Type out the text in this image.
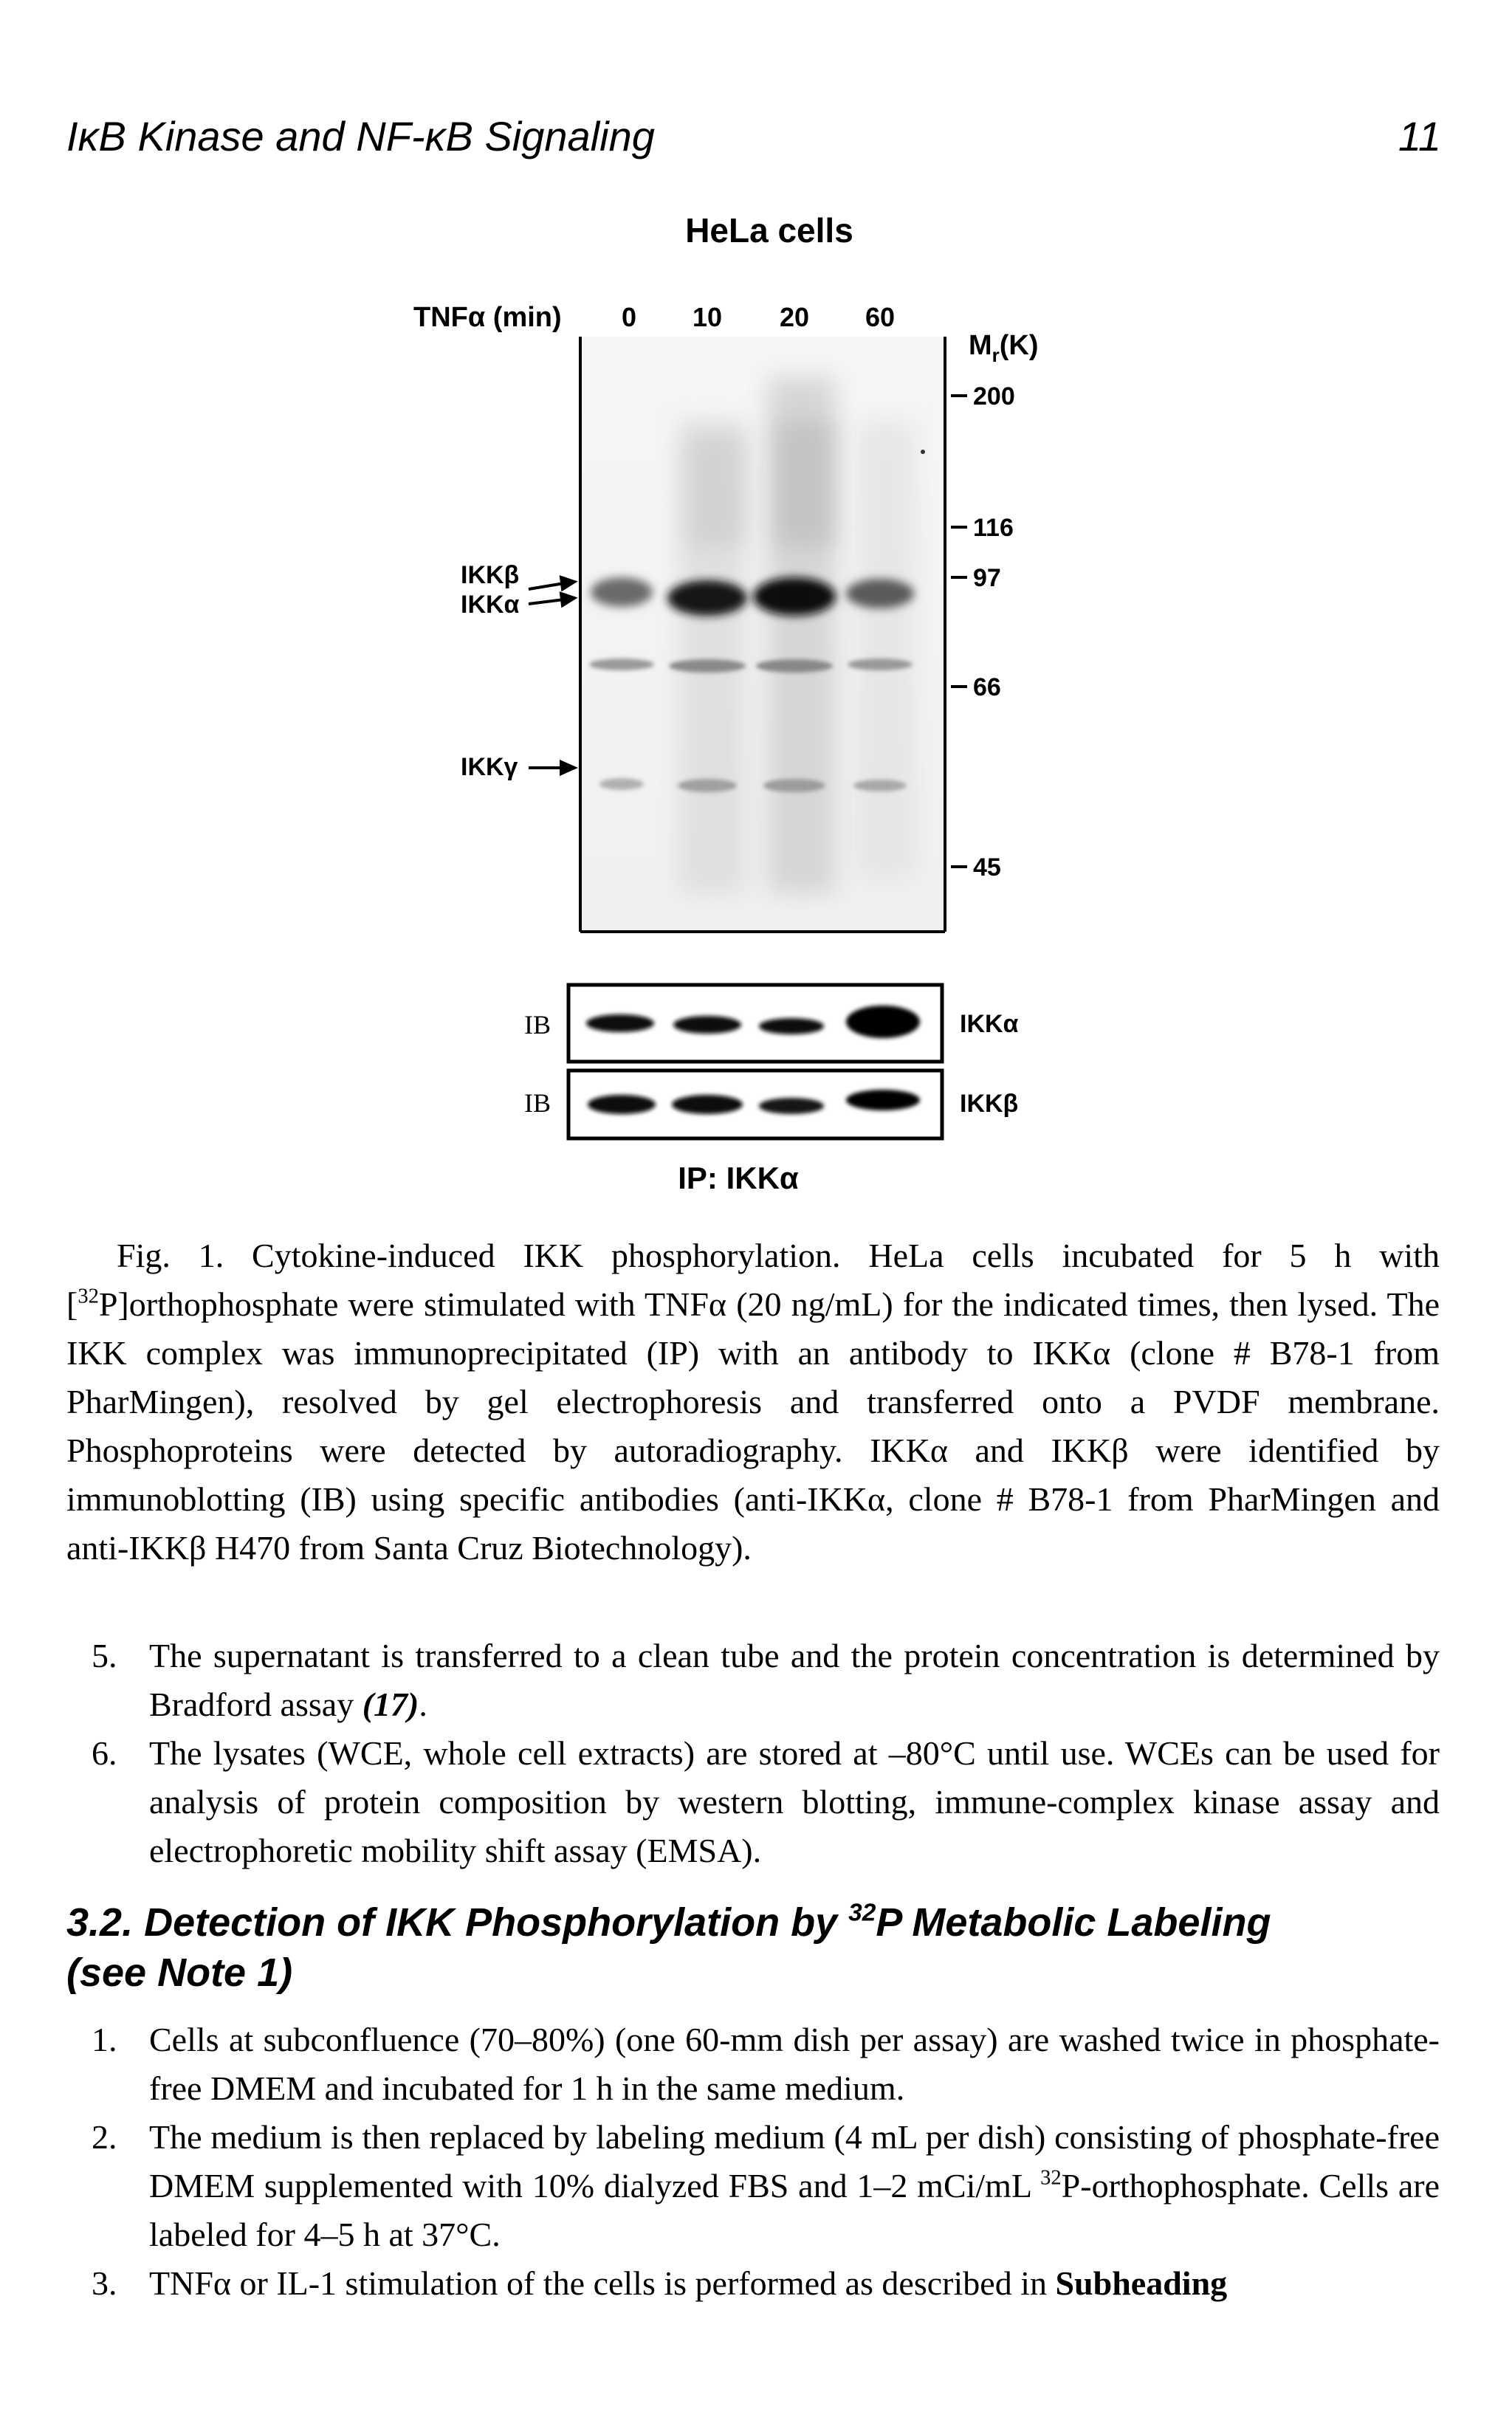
IκB Kinase and NF-κB Signaling	11
HeLa cells
TNFα (min) 0 10 20 60
$M_r(K)$
200
116
97
66
45
IKKβ
IKKα
IKKγ
IB	IKKα
IB	IKKβ
IP: IKKα
Fig. 1. Cytokine-induced IKK phosphorylation. HeLa cells incubated for 5 h with [$^{32}$P]orthophosphate were stimulated with TNFα (20 ng/mL) for the indicated times, then lysed. The IKK complex was immunoprecipitated (IP) with an antibody to IKKα (clone # B78-1 from PharMingen), resolved by gel electrophoresis and transferred onto a PVDF membrane. Phosphoproteins were detected by autoradiography. IKKα and IKKβ were identified by immunoblotting (IB) using specific antibodies (anti-IKKα, clone # B78-1 from PharMingen and anti-IKKβ H470 from Santa Cruz Biotechnology).
5. The supernatant is transferred to a clean tube and the protein concentration is determined by Bradford assay (17).
6. The lysates (WCE, whole cell extracts) are stored at –80°C until use. WCEs can be used for analysis of protein composition by western blotting, immune-complex kinase assay and electrophoretic mobility shift assay (EMSA).
3.2. Detection of IKK Phosphorylation by $^{32}$P Metabolic Labeling
(see Note 1)
1. Cells at subconfluence (70–80%) (one 60-mm dish per assay) are washed twice in phosphate-free DMEM and incubated for 1 h in the same medium.
2. The medium is then replaced by labeling medium (4 mL per dish) consisting of phosphate-free DMEM supplemented with 10% dialyzed FBS and 1–2 mCi/mL $^{32}$P-orthophosphate. Cells are labeled for 4–5 h at 37°C.
3. TNFα or IL-1 stimulation of the cells is performed as described in Subheading
